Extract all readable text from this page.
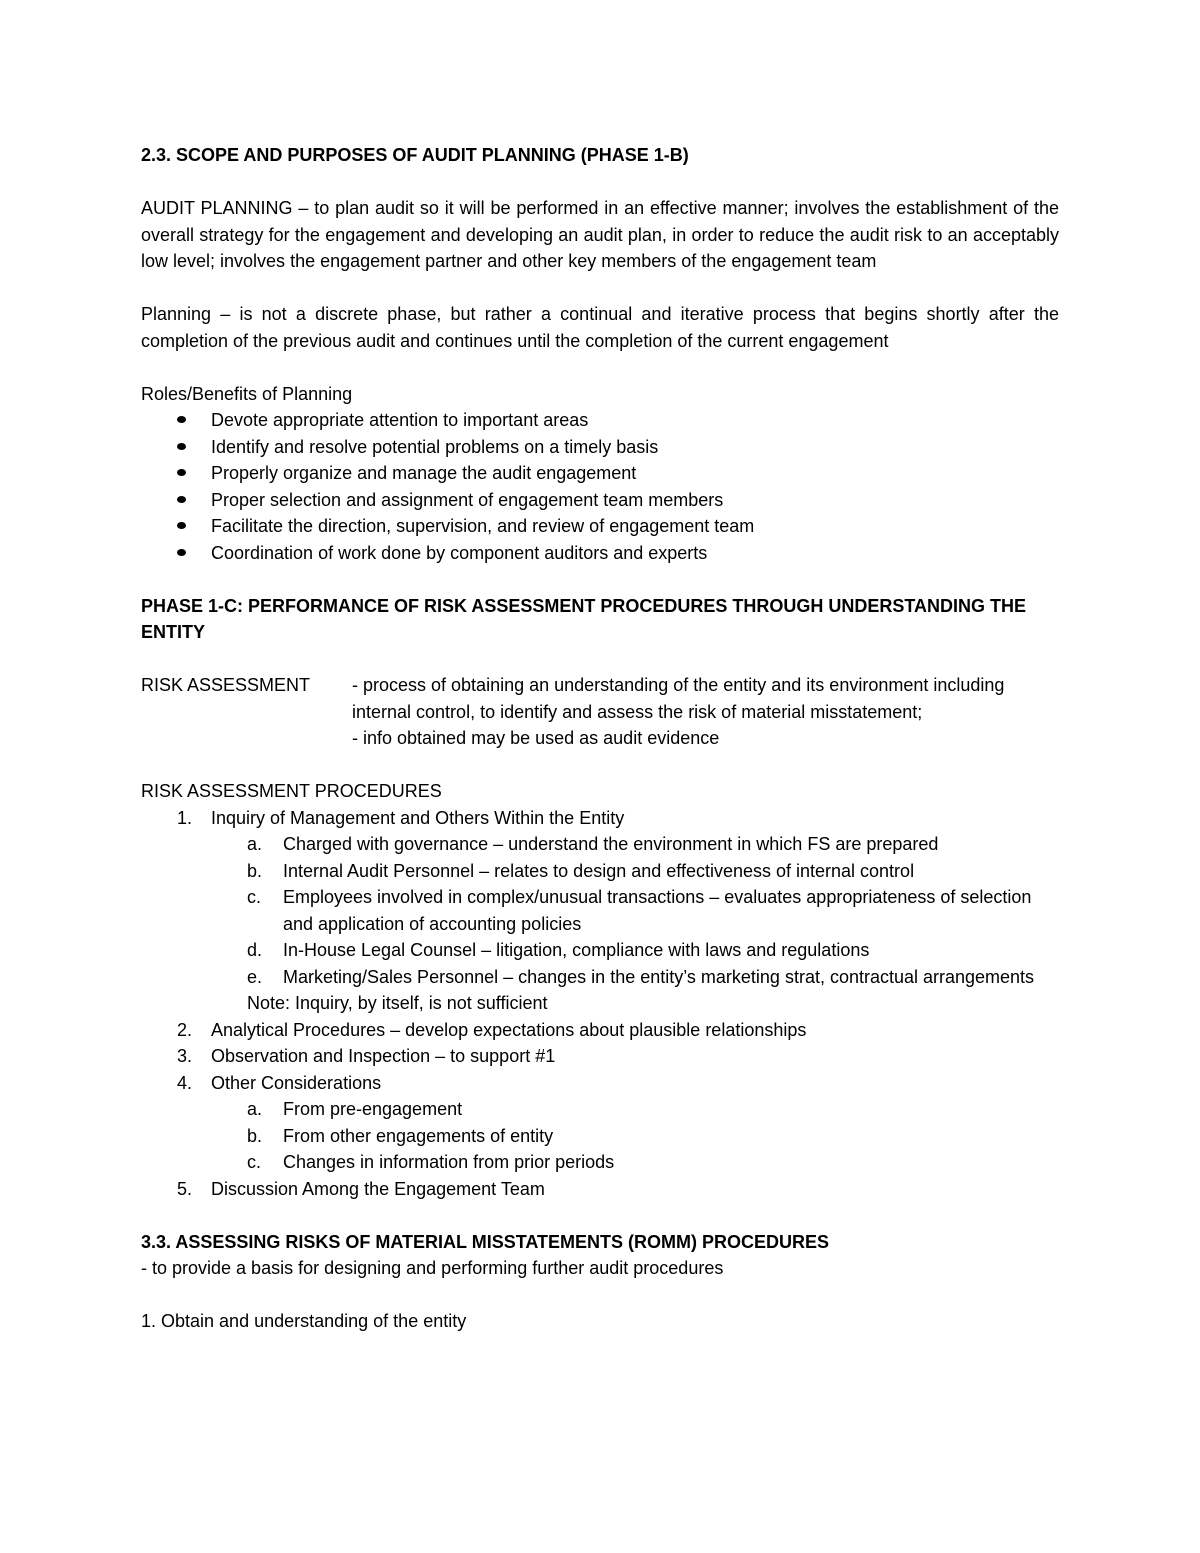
2.3. SCOPE AND PURPOSES OF AUDIT PLANNING (PHASE 1-B)

AUDIT PLANNING – to plan audit so it will be performed in an effective manner; involves the establishment of the overall strategy for the engagement and developing an audit plan, in order to reduce the audit risk to an acceptably low level; involves the engagement partner and other key members of the engagement team

Planning – is not a discrete phase, but rather a continual and iterative process that begins shortly after the completion of the previous audit and continues until the completion of the current engagement

Roles/Benefits of Planning

Devote appropriate attention to important areas
Identify and resolve potential problems on a timely basis
Properly organize and manage the audit engagement
Proper selection and assignment of engagement team members
Facilitate the direction, supervision, and review of engagement team
Coordination of work done by component auditors and experts

PHASE 1-C: PERFORMANCE OF RISK ASSESSMENT PROCEDURES THROUGH UNDERSTANDING THE ENTITY

RISK ASSESSMENT	- process of obtaining an understanding of the entity and its environment including internal control, to identify and assess the risk of material misstatement;

- info obtained may be used as audit evidence

RISK ASSESSMENT PROCEDURES

1.	Inquiry of Management and Others Within the Entity
a.	Charged with governance – understand the environment in which FS are prepared
b.	Internal Audit Personnel – relates to design and effectiveness of internal control
c.	Employees involved in complex/unusual transactions – evaluates appropriateness of selection and application of accounting policies
d.	In-House Legal Counsel – litigation, compliance with laws and regulations
e.	Marketing/Sales Personnel – changes in the entity’s marketing strat, contractual arrangements

Note: Inquiry, by itself, is not sufficient

2.	Analytical Procedures – develop expectations about plausible relationships
3.	Observation and Inspection – to support #1
4.	Other Considerations
a.	From pre-engagement
b.	From other engagements of entity
c.	Changes in information from prior periods
5.	Discussion Among the Engagement Team

3.3. ASSESSING RISKS OF MATERIAL MISSTATEMENTS (ROMM) PROCEDURES

- to provide a basis for designing and performing further audit procedures

1. Obtain and understanding of the entity
